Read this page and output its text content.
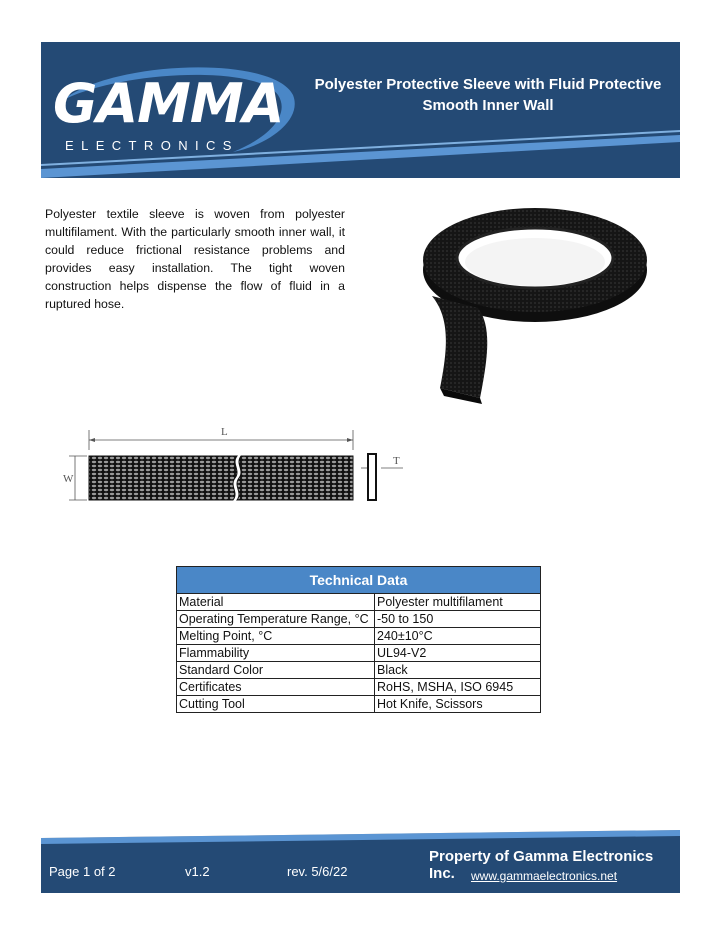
GAMMA
ELECTRONICS
Polyester Protective Sleeve with Fluid Protective Smooth Inner Wall
Polyester textile sleeve is woven from polyester multifilament. With the particularly smooth inner wall, it could reduce frictional resistance problems and provides easy installation. The tight woven construction helps dispense the flow of fluid in a ruptured hose.
L
W
T
Technical Data	
Material	Polyester multifilament
Operating Temperature Range, °C	-50 to 150
Melting Point, °C	240±10°C
Flammability	UL94-V2
Standard Color	Black
Certificates	RoHS, MSHA, ISO 6945
Cutting Tool	Hot Knife, Scissors
Page 1 of 2	v1.2	rev. 5/6/22
Property of Gamma Electronics Inc.	www.gammaelectronics.net
